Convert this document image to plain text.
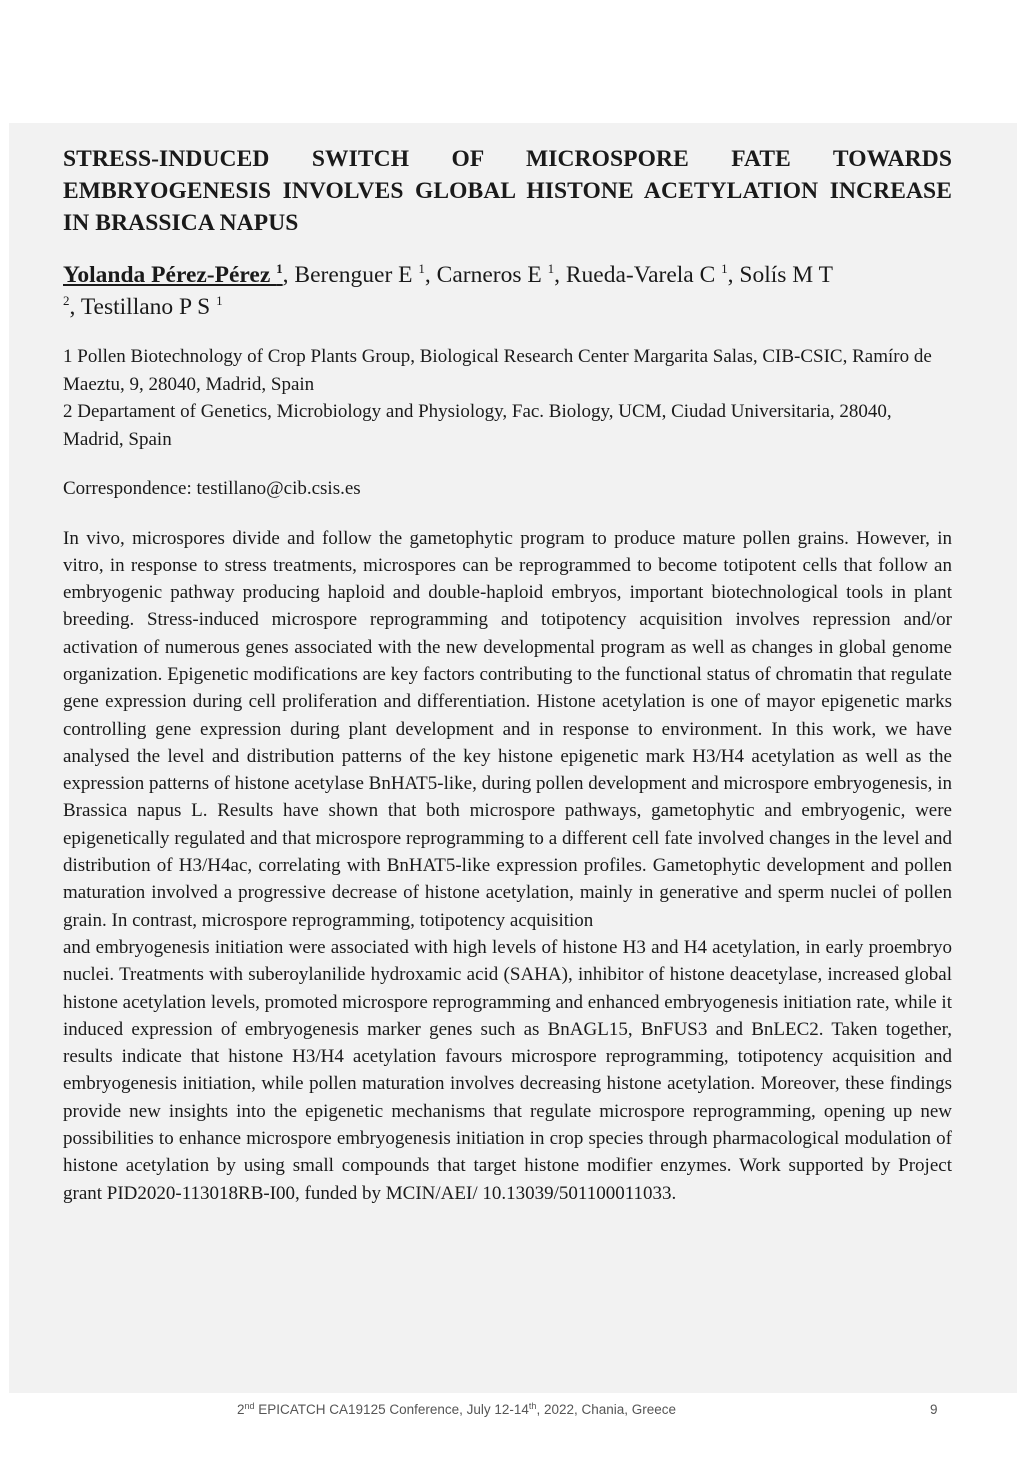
STRESS-INDUCED SWITCH OF MICROSPORE FATE TOWARDS EMBRYOGENESIS INVOLVES GLOBAL HISTONE ACETYLATION INCREASE IN BRASSICA NAPUS
Yolanda Pérez-Pérez $^1$, Berenguer E $^1$, Carneros E $^1$, Rueda-Varela C $^1$, Solís M T
$^2$, Testillano P S $^1$
1 Pollen Biotechnology of Crop Plants Group, Biological Research Center Margarita Salas, CIB-CSIC, Ramíro de Maeztu, 9, 28040, Madrid, Spain
2 Departament of Genetics, Microbiology and Physiology, Fac. Biology, UCM, Ciudad Universitaria, 28040, Madrid, Spain
Correspondence: testillano@cib.csis.es
In vivo, microspores divide and follow the gametophytic program to produce mature pollen grains. However, in vitro, in response to stress treatments, microspores can be reprogrammed to become totipotent cells that follow an embryogenic pathway producing haploid and double-haploid embryos, important biotechnological tools in plant breeding. Stress-induced microspore reprogramming and totipotency acquisition involves repression and/or activation of numerous genes associated with the new developmental program as well as changes in global genome organization. Epigenetic modifications are key factors contributing to the functional status of chromatin that regulate gene expression during cell proliferation and differentiation. Histone acetylation is one of mayor epigenetic marks controlling gene expression during plant development and in response to environment. In this work, we have analysed the level and distribution patterns of the key histone epigenetic mark H3/H4 acetylation as well as the expression patterns of histone acetylase BnHAT5-like, during pollen development and microspore embryogenesis, in Brassica napus L. Results have shown that both microspore pathways, gametophytic and embryogenic, were epigenetically regulated and that microspore reprogramming to a different cell fate involved changes in the level and distribution of H3/H4ac, correlating with BnHAT5-like expression profiles. Gametophytic development and pollen maturation involved a progressive decrease of histone acetylation, mainly in generative and sperm nuclei of pollen grain. In contrast, microspore reprogramming, totipotency acquisition
and embryogenesis initiation were associated with high levels of histone H3 and H4 acetylation, in early proembryo nuclei. Treatments with suberoylanilide hydroxamic acid (SAHA), inhibitor of histone deacetylase, increased global histone acetylation levels, promoted microspore reprogramming and enhanced embryogenesis initiation rate, while it induced expression of embryogenesis marker genes such as BnAGL15, BnFUS3 and BnLEC2. Taken together, results indicate that histone H3/H4 acetylation favours microspore reprogramming, totipotency acquisition and embryogenesis initiation, while pollen maturation involves decreasing histone acetylation. Moreover, these findings provide new insights into the epigenetic mechanisms that regulate microspore reprogramming, opening up new possibilities to enhance microspore embryogenesis initiation in crop species through pharmacological modulation of histone acetylation by using small compounds that target histone modifier enzymes. Work supported by Project grant PID2020-113018RB-I00, funded by MCIN/AEI/ 10.13039/501100011033.
2nd EPICATCH CA19125 Conference, July 12-14th, 2022, Chania, Greece	9
